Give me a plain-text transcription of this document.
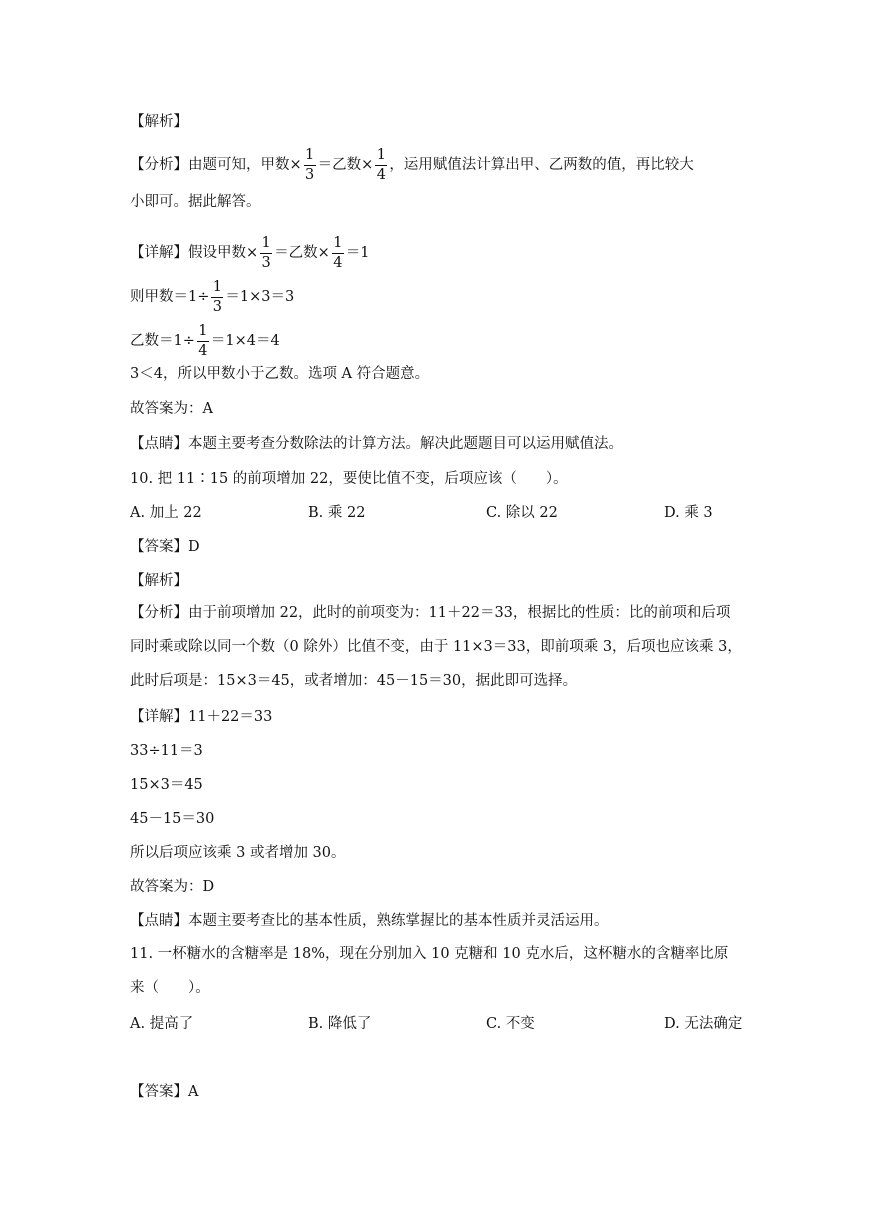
【解析】
【分析】由题可知，甲数× $\frac{1}{3}$ ＝乙数× $\frac{1}{4}$ ，运用赋值法计算出甲、乙两数的值，再比较大
小即可。据此解答。
【详解】假设甲数× $\frac{1}{3}$ ＝乙数× $\frac{1}{4} =1$
则甲数$=1\div \frac{1}{3} =1\times 3=3$
乙数$=1\div \frac{1}{4} =1\times 4=4$
3＜4，所以甲数小于乙数。选项 A 符合题意。
故答案为：A
【点睛】本题主要考查分数除法的计算方法。解决此题题目可以运用赋值法。
10. 把 11∶15 的前项增加 22，要使比值不变，后项应该（　　）。
A. 加上 22	B. 乘 22	C. 除以 22	D. 乘 3
【答案】D
【解析】
【分析】由于前项增加 22，此时的前项变为：11＋22＝33，根据比的性质：比的前项和后项同时乘或除以同一个数（0 除外）比值不变，由于 11×3＝33，即前项乘 3，后项也应该乘 3，此时后项是：15×3＝45，或者增加：45－15＝30，据此即可选择。
【详解】11＋22＝33
33÷11＝3
15×3＝45
45－15＝30
所以后项应该乘 3 或者增加 30。
故答案为：D
【点睛】本题主要考查比的基本性质，熟练掌握比的基本性质并灵活运用。
11. 一杯糖水的含糖率是 18%，现在分别加入 10 克糖和 10 克水后，这杯糖水的含糖率比原来（　　）。
A. 提高了	B. 降低了	C. 不变	D. 无法确定
【答案】A
